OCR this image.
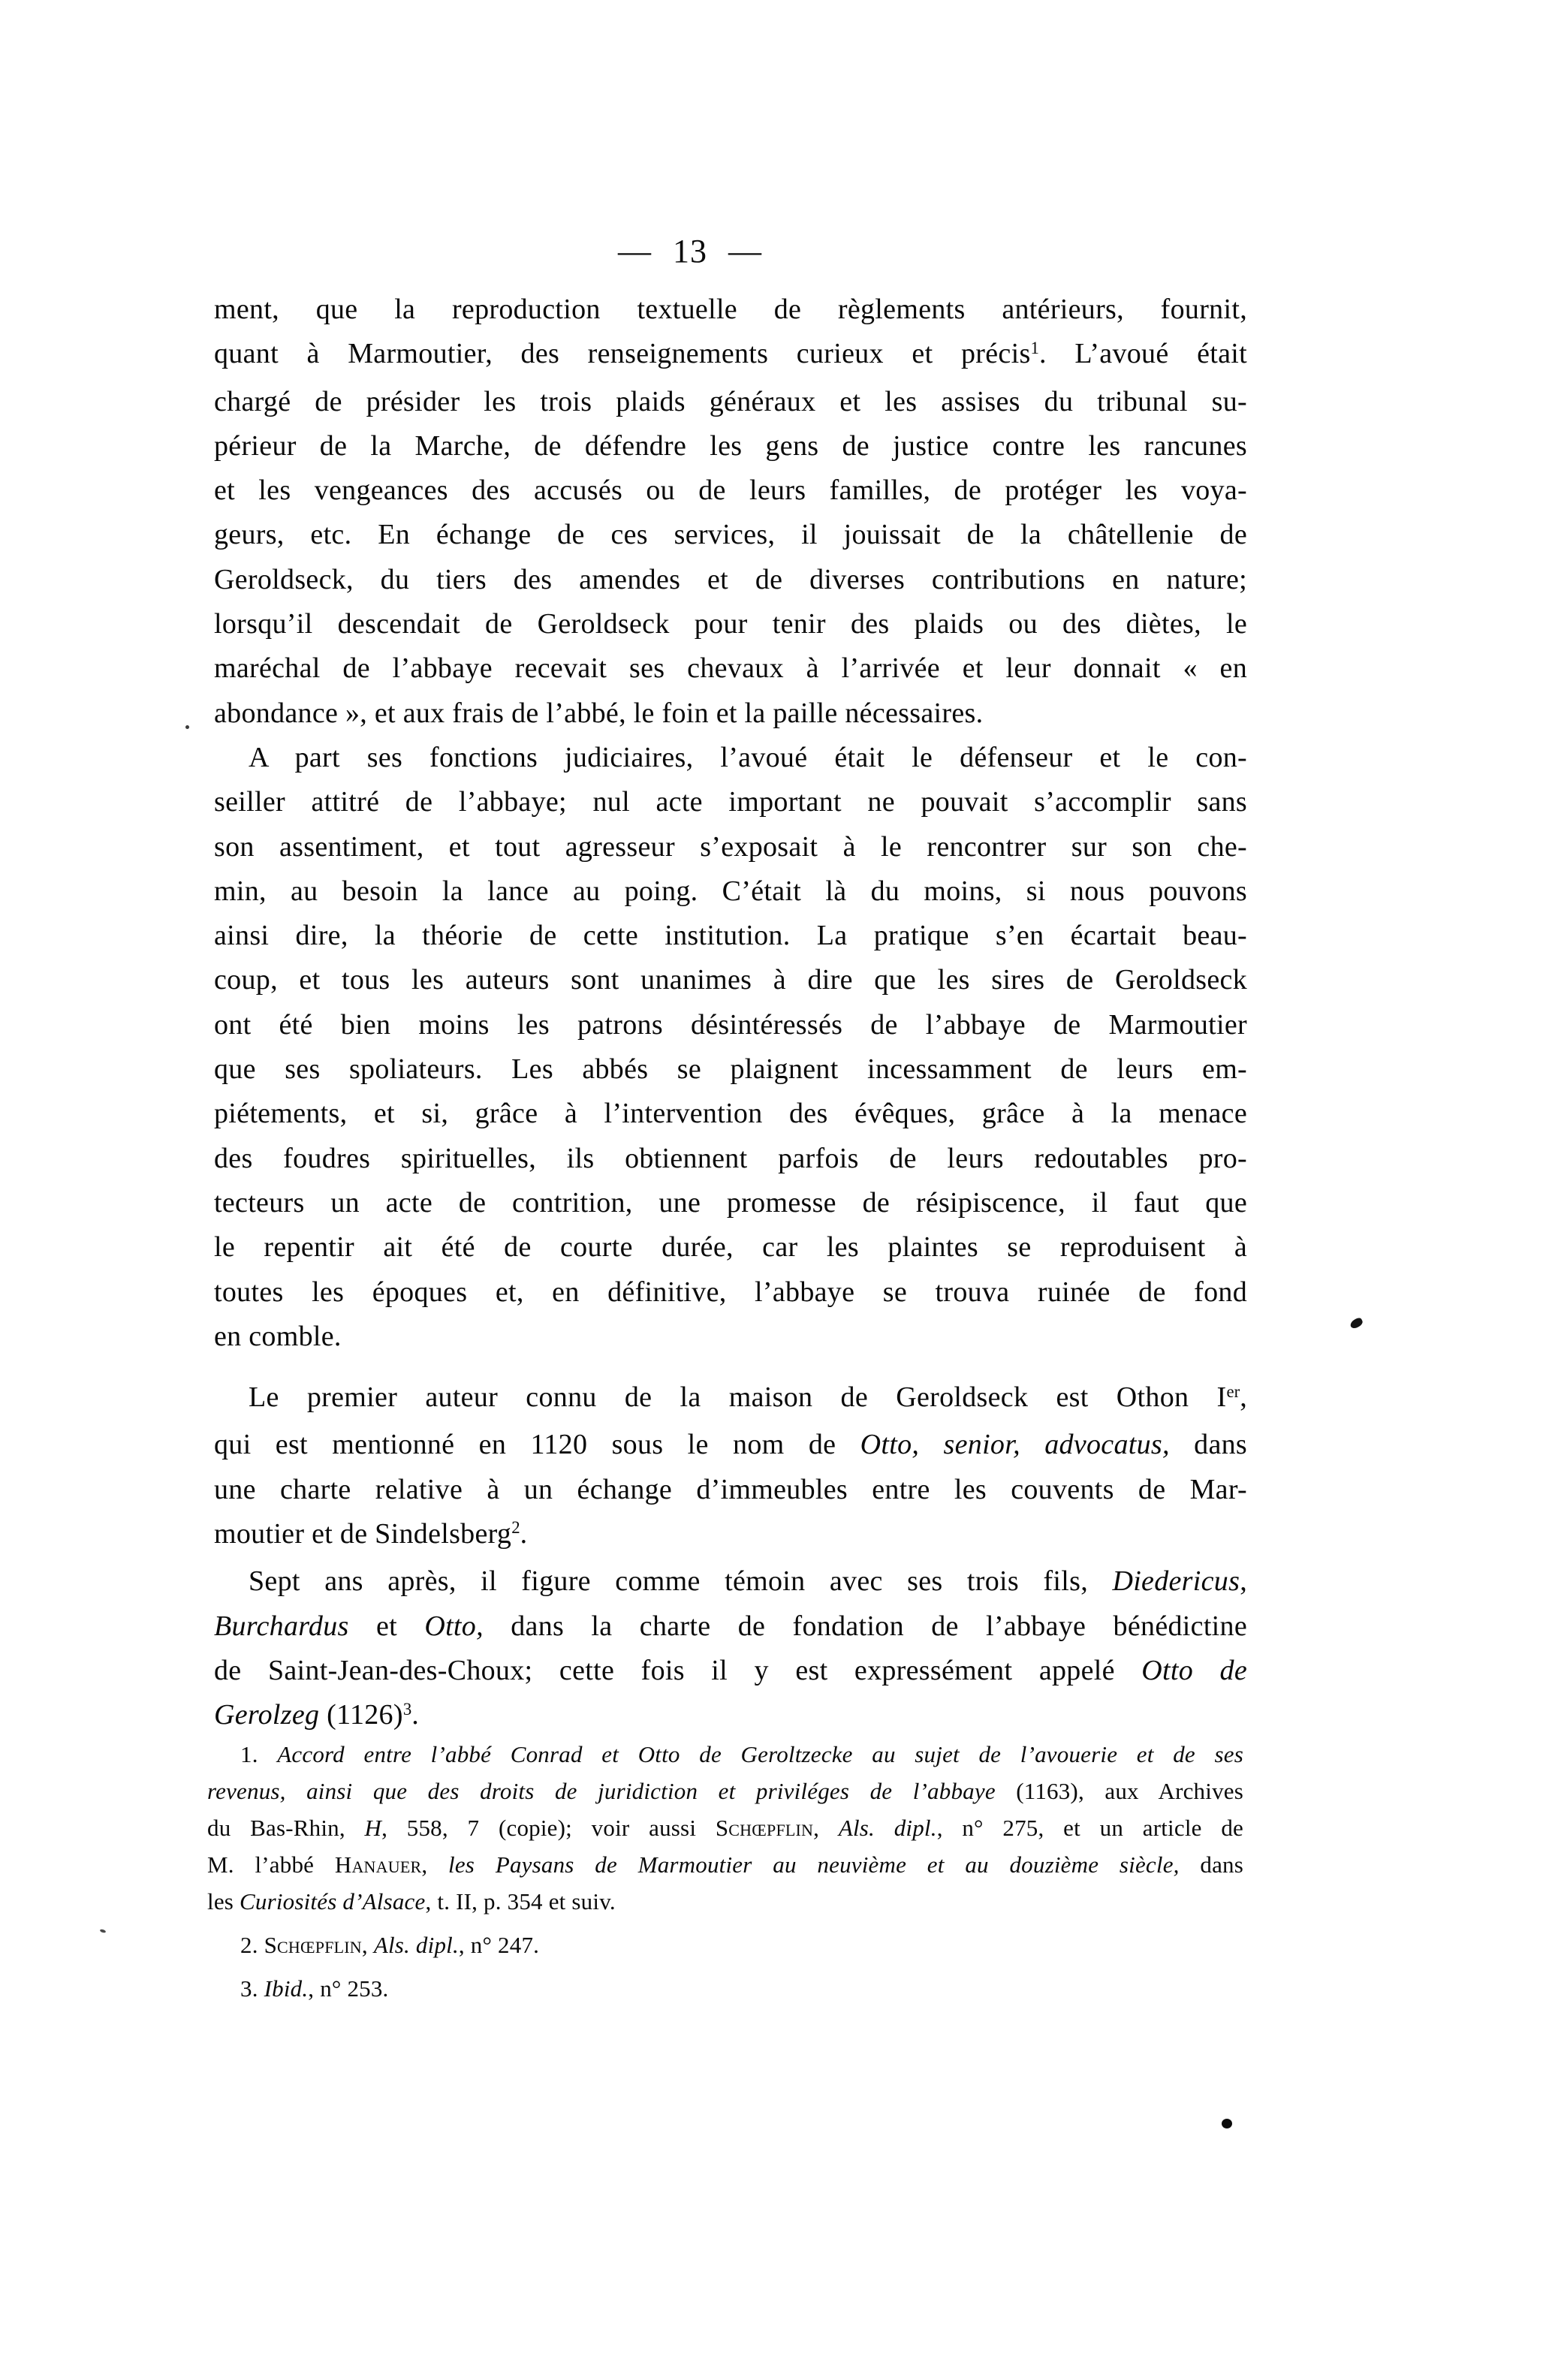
— 13 —
ment, que la reproduction textuelle de règlements antérieurs, fournit,
quant à Marmoutier, des renseignements curieux et précis$^1$. L’avoué était
chargé de présider les trois plaids généraux et les assises du tribunal su-
périeur de la Marche, de défendre les gens de justice contre les rancunes
et les vengeances des accusés ou de leurs familles, de protéger les voya-
geurs, etc. En échange de ces services, il jouissait de la châtellenie de
Geroldseck, du tiers des amendes et de diverses contributions en nature;
lorsqu’il descendait de Geroldseck pour tenir des plaids ou des diètes, le
maréchal de l’abbaye recevait ses chevaux à l’arrivée et leur donnait « en
abondance », et aux frais de l’abbé, le foin et la paille nécessaires.
A part ses fonctions judiciaires, l’avoué était le défenseur et le con-
seiller attitré de l’abbaye; nul acte important ne pouvait s’accomplir sans
son assentiment, et tout agresseur s’exposait à le rencontrer sur son che-
min, au besoin la lance au poing. C’était là du moins, si nous pouvons
ainsi dire, la théorie de cette institution. La pratique s’en écartait beau-
coup, et tous les auteurs sont unanimes à dire que les sires de Geroldseck
ont été bien moins les patrons désintéressés de l’abbaye de Marmoutier
que ses spoliateurs. Les abbés se plaignent incessamment de leurs em-
piétements, et si, grâce à l’intervention des évêques, grâce à la menace
des foudres spirituelles, ils obtiennent parfois de leurs redoutables pro-
tecteurs un acte de contrition, une promesse de résipiscence, il faut que
le repentir ait été de courte durée, car les plaintes se reproduisent à
toutes les époques et, en définitive, l’abbaye se trouva ruinée de fond
en comble.
Le premier auteur connu de la maison de Geroldseck est Othon Ier,
qui est mentionné en 1120 sous le nom de Otto, senior, advocatus, dans
une charte relative à un échange d’immeubles entre les couvents de Mar-
moutier et de Sindelsberg$^2$.
Sept ans après, il figure comme témoin avec ses trois fils, Diedericus,
Burchardus et Otto, dans la charte de fondation de l’abbaye bénédictine
de Saint-Jean-des-Choux; cette fois il y est expressément appelé Otto de
Gerolzeg $(1126)^3$.
1. Accord entre l’abbé Conrad et Otto de Geroltzecke au sujet de l’avouerie et de ses
revenus, ainsi que des droits de juridiction et priviléges de l’abbaye (1163), aux Archives
du Bas-Rhin, H, 558, 7 (copie); voir aussi Schœpflin, Als. dipl., n° 275, et un article de
M. l’abbé Hanauer, les Paysans de Marmoutier au neuvième et au douzième siècle, dans
les Curiosités d’Alsace, t. II, p. 354 et suiv.
2. Schœpflin, Als. dipl., n° 247.
3. Ibid., n° 253.
